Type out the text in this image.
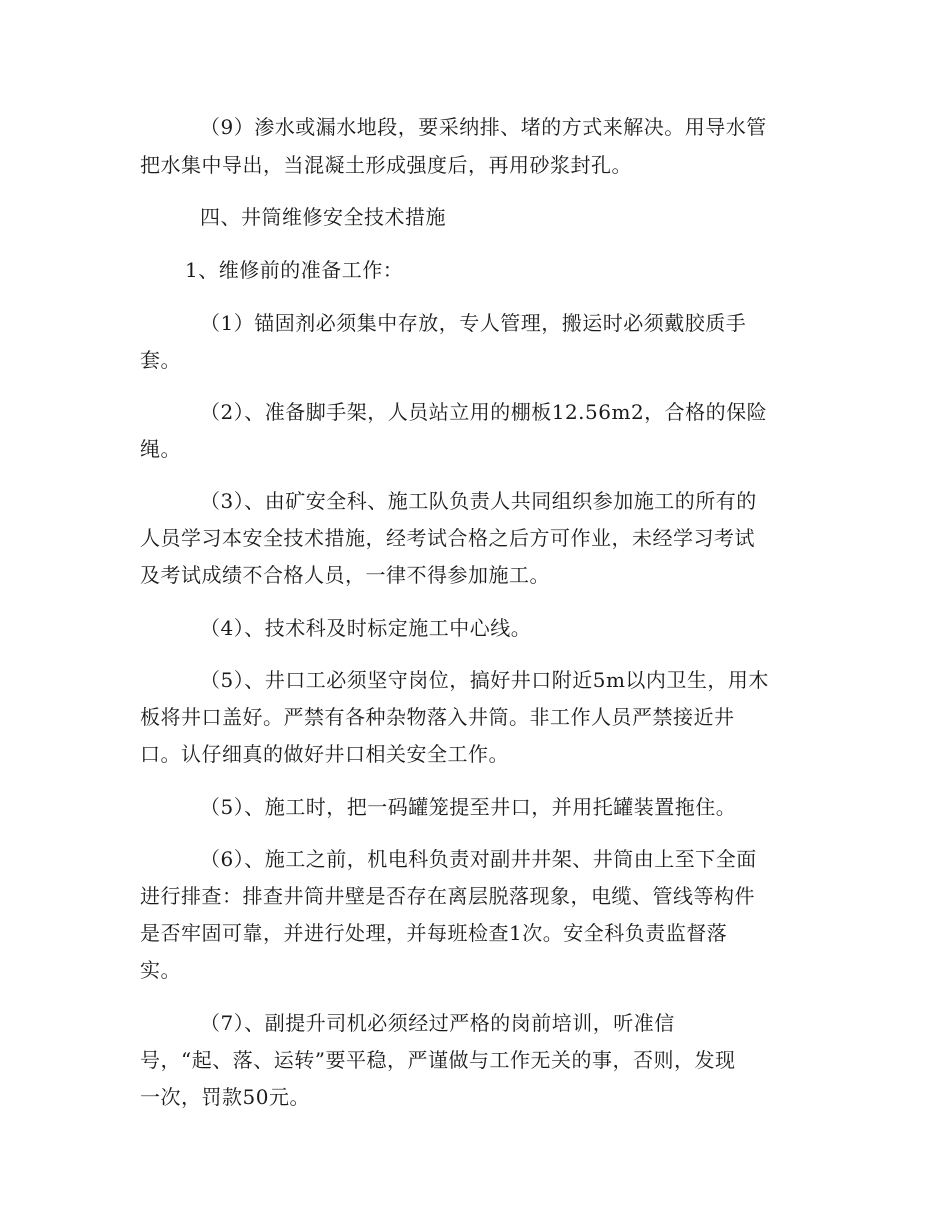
（9）渗水或漏水地段，要采纳排、堵的方式来解决。用导水管
把水集中导出，当混凝土形成强度后，再用砂浆封孔。
四、井筒维修安全技术措施
1、维修前的准备工作：
（1）锚固剂必须集中存放，专人管理，搬运时必须戴胶质手
套。
（2）、准备脚手架，人员站立用的棚板12.56m2，合格的保险
绳。
（3）、由矿安全科、施工队负责人共同组织参加施工的所有的
人员学习本安全技术措施，经考试合格之后方可作业，未经学习考试
及考试成绩不合格人员，一律不得参加施工。
（4）、技术科及时标定施工中心线。
（5）、井口工必须坚守岗位，搞好井口附近5m以内卫生，用木
板将井口盖好。严禁有各种杂物落入井筒。非工作人员严禁接近井
口。认仔细真的做好井口相关安全工作。
（5）、施工时，把一码罐笼提至井口，并用托罐装置拖住。
（6）、施工之前，机电科负责对副井井架、井筒由上至下全面
进行排查：排查井筒井壁是否存在离层脱落现象，电缆、管线等构件
是否牢固可靠，并进行处理，并每班检查1次。安全科负责监督落
实。
（7）、副提升司机必须经过严格的岗前培训，听准信
号，“起、落、运转”要平稳，严谨做与工作无关的事，否则，发现
一次，罚款50元。
